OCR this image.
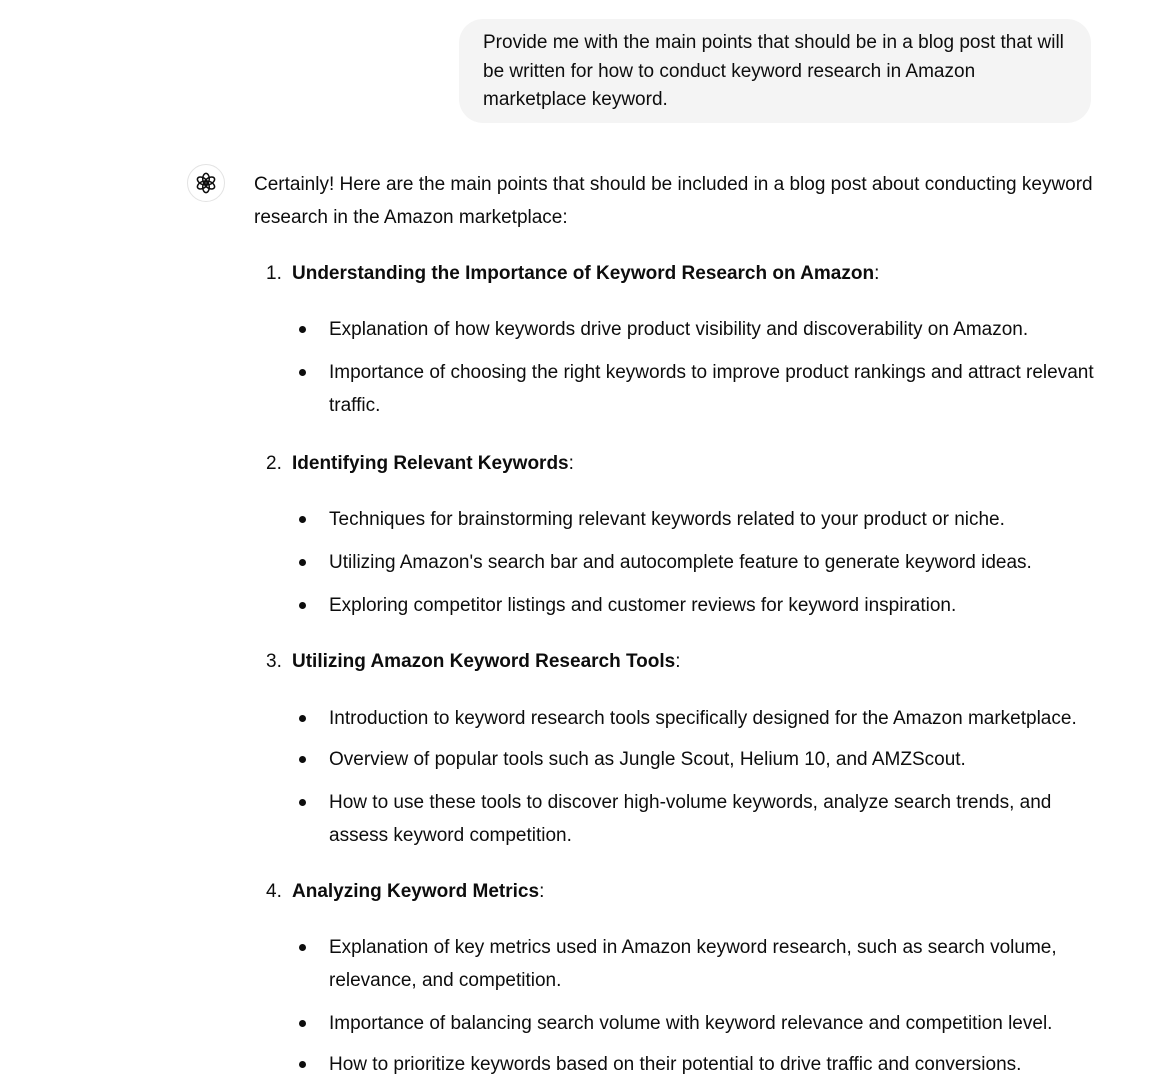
Provide me with the main points that should be in a blog post that will be written for how to conduct keyword research in Amazon marketplace keyword.

Certainly! Here are the main points that should be included in a blog post about conducting keyword research in the Amazon marketplace:

1. Understanding the Importance of Keyword Research on Amazon:
Explanation of how keywords drive product visibility and discoverability on Amazon.
Importance of choosing the right keywords to improve product rankings and attract relevant traffic.
2. Identifying Relevant Keywords:
Techniques for brainstorming relevant keywords related to your product or niche.
Utilizing Amazon's search bar and autocomplete feature to generate keyword ideas.
Exploring competitor listings and customer reviews for keyword inspiration.
3. Utilizing Amazon Keyword Research Tools:
Introduction to keyword research tools specifically designed for the Amazon marketplace.
Overview of popular tools such as Jungle Scout, Helium 10, and AMZScout.
How to use these tools to discover high-volume keywords, analyze search trends, and assess keyword competition.
4. Analyzing Keyword Metrics:
Explanation of key metrics used in Amazon keyword research, such as search volume, relevance, and competition.
Importance of balancing search volume with keyword relevance and competition level.
How to prioritize keywords based on their potential to drive traffic and conversions.
